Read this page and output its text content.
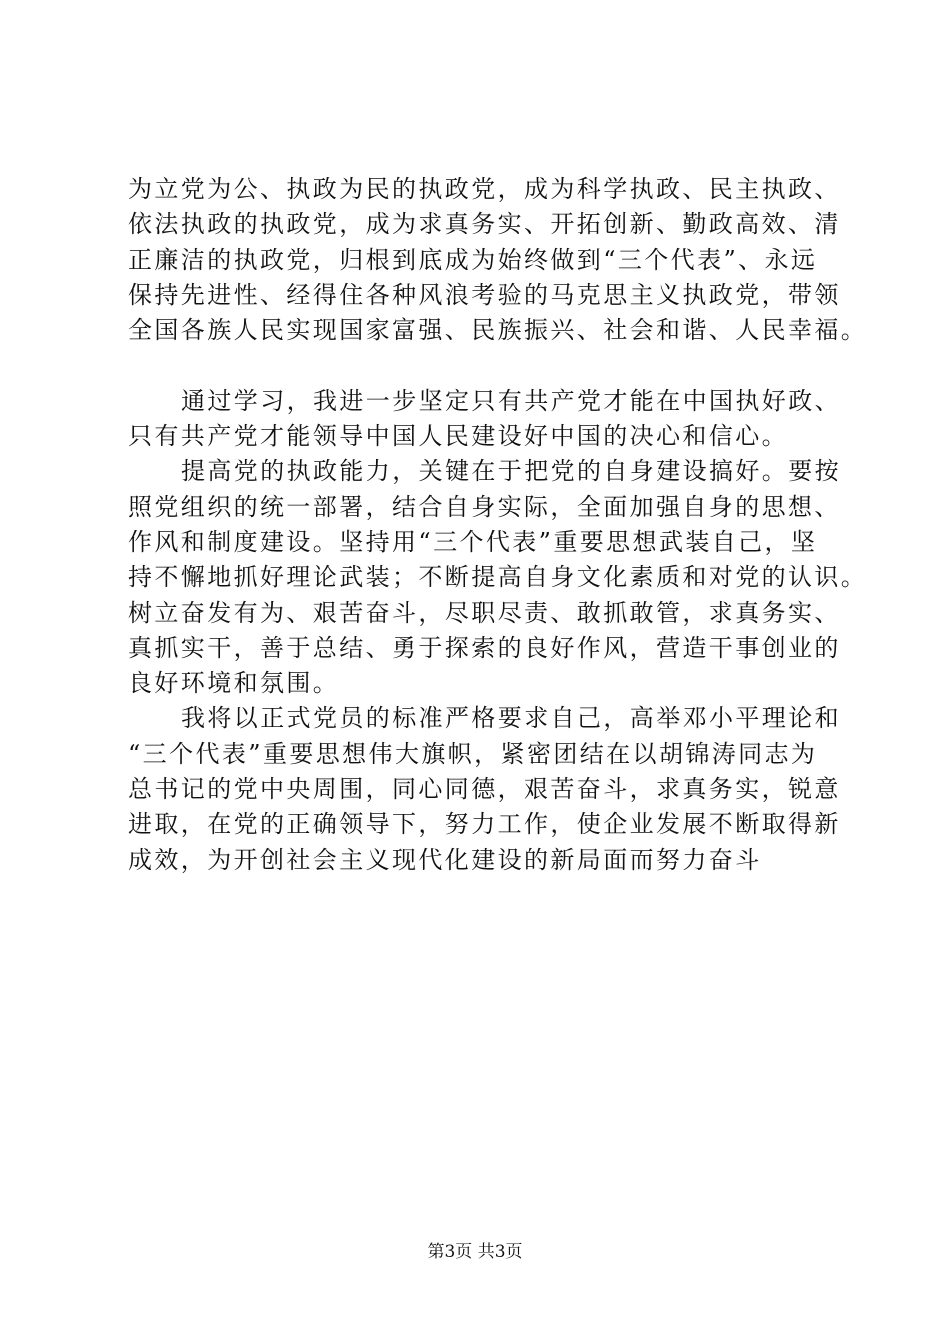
为立党为公、执政为民的执政党，成为科学执政、民主执政、
依法执政的执政党，成为求真务实、开拓创新、勤政高效、清
正廉洁的执政党，归根到底成为始终做到“三个代表”、永远
保持先进性、经得住各种风浪考验的马克思主义执政党，带领
全国各族人民实现国家富强、民族振兴、社会和谐、人民幸福。
通过学习，我进一步坚定只有共产党才能在中国执好政、
只有共产党才能领导中国人民建设好中国的决心和信心。
提高党的执政能力，关键在于把党的自身建设搞好。要按
照党组织的统一部署，结合自身实际，全面加强自身的思想、
作风和制度建设。坚持用“三个代表”重要思想武装自己，坚
持不懈地抓好理论武装；不断提高自身文化素质和对党的认识。
树立奋发有为、艰苦奋斗，尽职尽责、敢抓敢管，求真务实、
真抓实干，善于总结、勇于探索的良好作风，营造干事创业的
良好环境和氛围。
我将以正式党员的标准严格要求自己，高举邓小平理论和
“三个代表”重要思想伟大旗帜，紧密团结在以胡锦涛同志为
总书记的党中央周围，同心同德，艰苦奋斗，求真务实，锐意
进取，在党的正确领导下，努力工作，使企业发展不断取得新
成效，为开创社会主义现代化建设的新局面而努力奋斗
第3页 共3页
